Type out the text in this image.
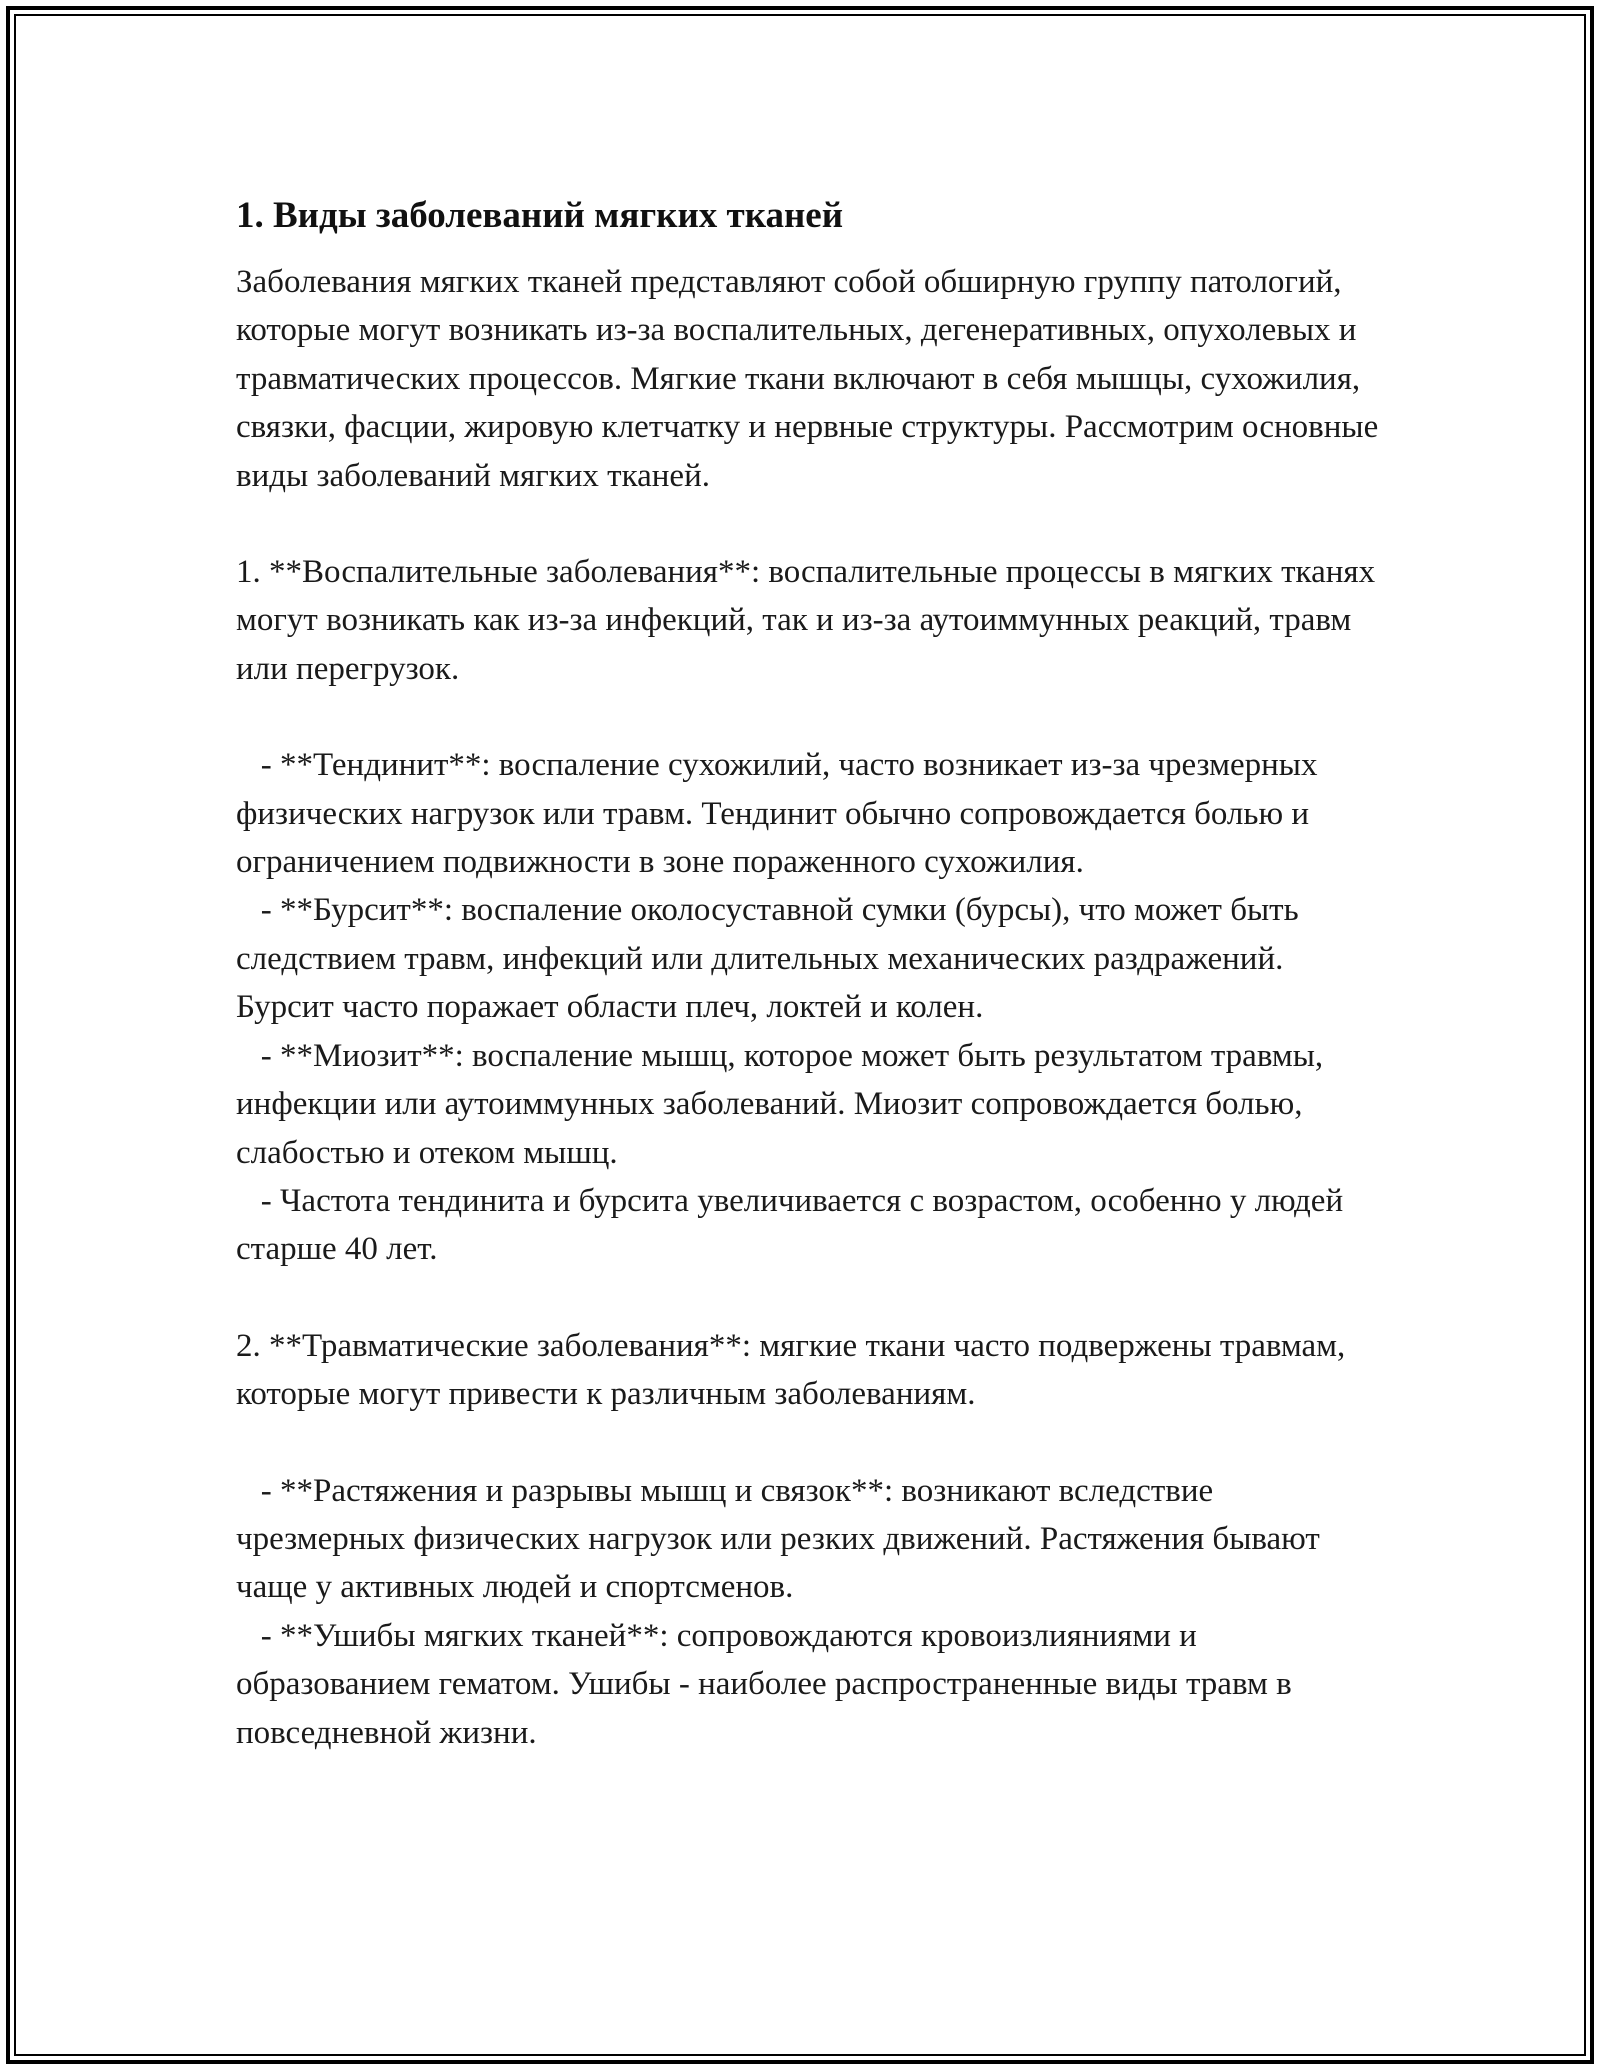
1. Виды заболеваний мягких тканей

Заболевания мягких тканей представляют собой обширную группу патологий, которые могут возникать из-за воспалительных, дегенеративных, опухолевых и травматических процессов. Мягкие ткани включают в себя мышцы, сухожилия, связки, фасции, жировую клетчатку и нервные структуры. Рассмотрим основные виды заболеваний мягких тканей.

1. **Воспалительные заболевания**: воспалительные процессы в мягких тканях могут возникать как из-за инфекций, так и из-за аутоиммунных реакций, травм или перегрузок.

- **Тендинит**: воспаление сухожилий, часто возникает из-за чрезмерных физических нагрузок или травм. Тендинит обычно сопровождается болью и ограничением подвижности в зоне пораженного сухожилия.

- **Бурсит**: воспаление околосуставной сумки (бурсы), что может быть следствием травм, инфекций или длительных механических раздражений. Бурсит часто поражает области плеч, локтей и колен.

- **Миозит**: воспаление мышц, которое может быть результатом травмы, инфекции или аутоиммунных заболеваний. Миозит сопровождается болью, слабостью и отеком мышц.

- Частота тендинита и бурсита увеличивается с возрастом, особенно у людей старше 40 лет.

2. **Травматические заболевания**: мягкие ткани часто подвержены травмам, которые могут привести к различным заболеваниям.

- **Растяжения и разрывы мышц и связок**: возникают вследствие чрезмерных физических нагрузок или резких движений. Растяжения бывают чаще у активных людей и спортсменов.

- **Ушибы мягких тканей**: сопровождаются кровоизлияниями и образованием гематом. Ушибы - наиболее распространенные виды травм в повседневной жизни.
